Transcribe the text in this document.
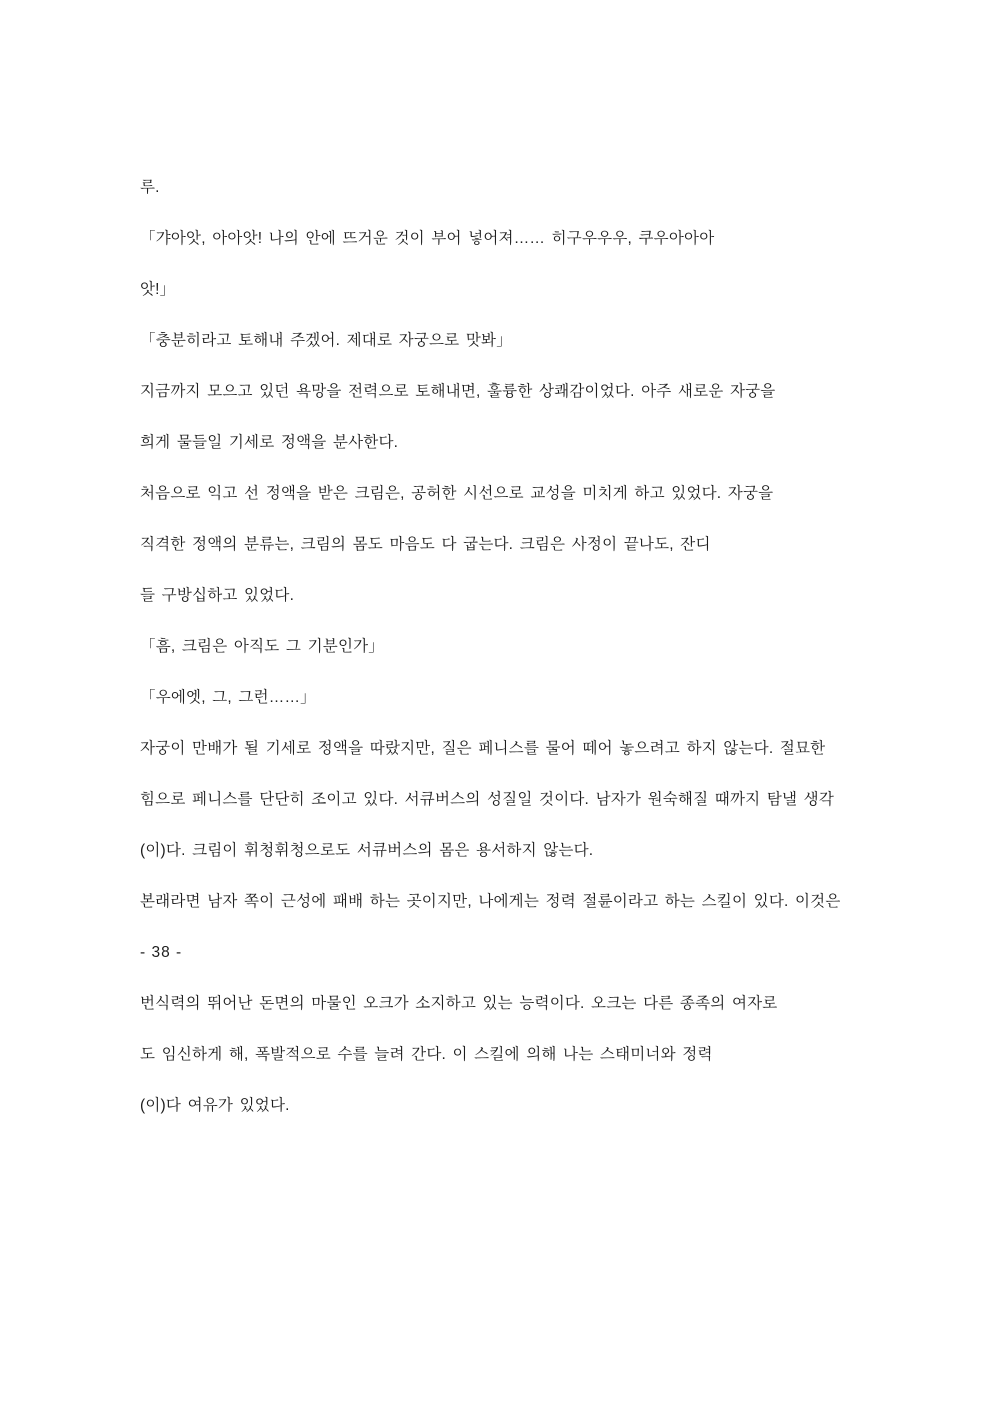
루.

「갸아앗, 아아앗! 나의 안에 뜨거운 것이 부어 넣어져…… 히구우우우, 쿠우아아아

앗!」

「충분히라고 토해내 주겠어. 제대로 자궁으로 맛봐」

지금까지 모으고 있던 욕망을 전력으로 토해내면, 훌륭한 상쾌감이었다. 아주 새로운 자궁을

희게 물들일 기세로 정액을 분사한다.

처음으로 익고 선 정액을 받은 크림은, 공허한 시선으로 교성을 미치게 하고 있었다. 자궁을

직격한 정액의 분류는, 크림의 몸도 마음도 다 굽는다. 크림은 사정이 끝나도, 잔디

들 구방십하고 있었다.

「흠, 크림은 아직도 그 기분인가」

「우에엣, 그, 그런……」

자궁이 만배가 될 기세로 정액을 따랐지만, 질은 페니스를 물어 떼어 놓으려고 하지 않는다. 절묘한

힘으로 페니스를 단단히 조이고 있다. 서큐버스의 성질일 것이다. 남자가 원숙해질 때까지 탐낼 생각

(이)다. 크림이 휘청휘청으로도 서큐버스의 몸은 용서하지 않는다.

본래라면 남자 쪽이 근성에 패배 하는 곳이지만, 나에게는 정력 절륜이라고 하는 스킬이 있다. 이것은

- 38 -

번식력의 뛰어난 돈면의 마물인 오크가 소지하고 있는 능력이다. 오크는 다른 종족의 여자로

도 임신하게 해, 폭발적으로 수를 늘려 간다. 이 스킬에 의해 나는 스태미너와 정력

(이)다 여유가 있었다.
